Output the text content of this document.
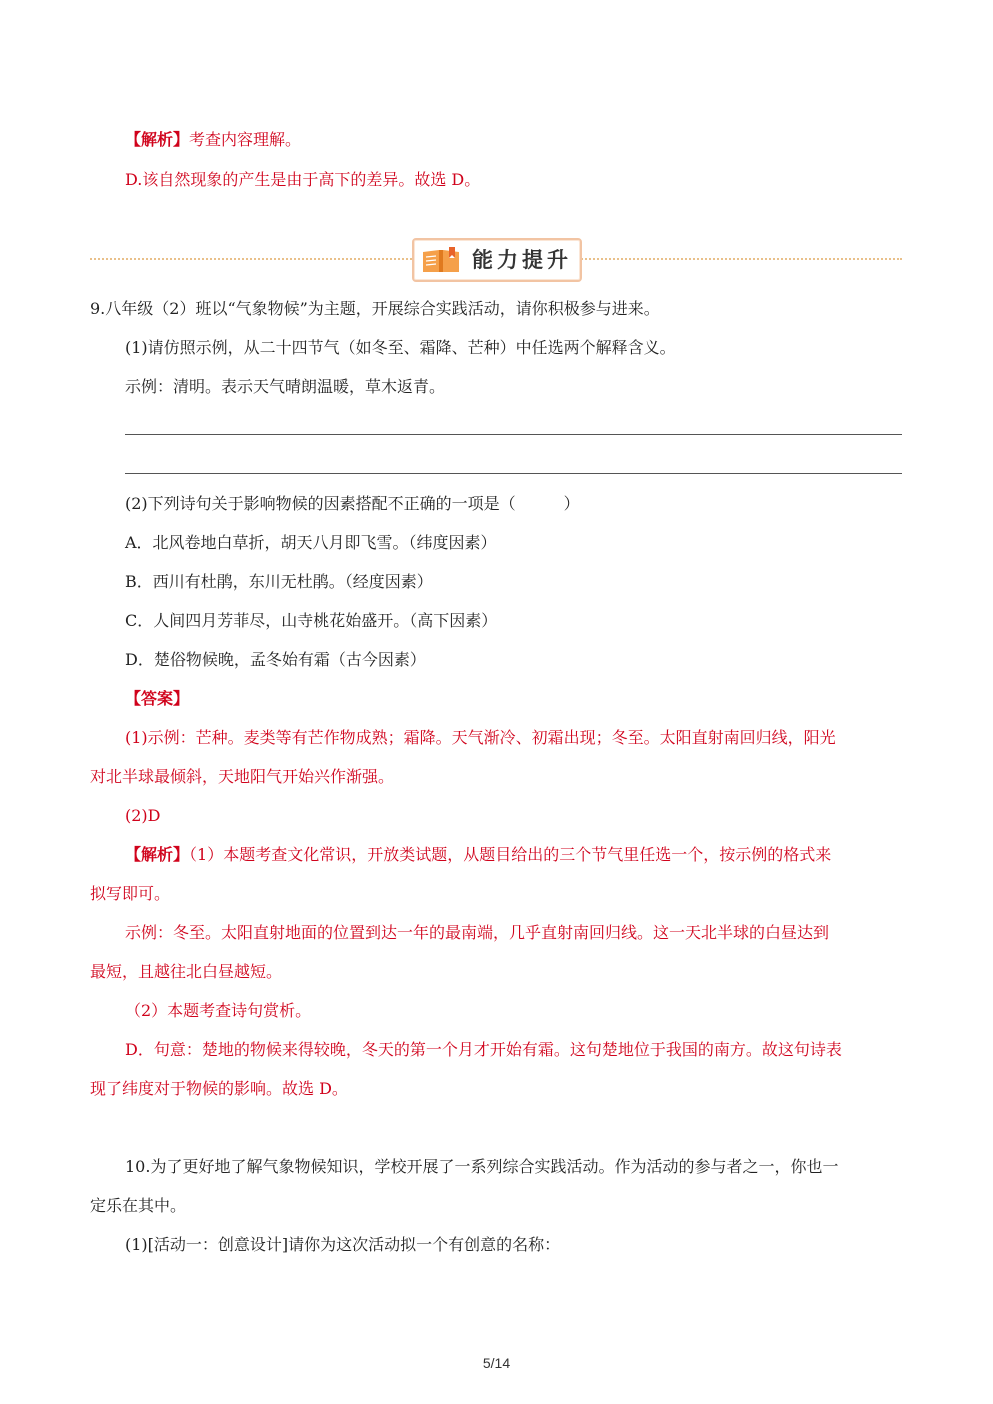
【解析】考查内容理解。
D.该自然现象的产生是由于高下的差异。故选 D。
能力提升
9.八年级（2）班以“气象物候”为主题，开展综合实践活动，请你积极参与进来。
(1)请仿照示例，从二十四节气（如冬至、霜降、芒种）中任选两个解释含义。
示例：清明。表示天气晴朗温暖，草木返青。
(2)下列诗句关于影响物候的因素搭配不正确的一项是（　　　）
A．北风卷地白草折，胡天八月即飞雪。（纬度因素）
B．西川有杜鹃，东川无杜鹃。（经度因素）
C．人间四月芳菲尽，山寺桃花始盛开。（高下因素）
D．楚俗物候晚，孟冬始有霜（古今因素）
【答案】
(1)示例：芒种。麦类等有芒作物成熟；霜降。天气渐冷、初霜出现；冬至。太阳直射南回归线，阳光
对北半球最倾斜，天地阳气开始兴作渐强。
(2)D
【解析】（1）本题考查文化常识，开放类试题，从题目给出的三个节气里任选一个，按示例的格式来
拟写即可。
示例：冬至。太阳直射地面的位置到达一年的最南端，几乎直射南回归线。这一天北半球的白昼达到
最短，且越往北白昼越短。
（2）本题考查诗句赏析。
D．句意：楚地的物候来得较晚，冬天的第一个月才开始有霜。这句楚地位于我国的南方。故这句诗表
现了纬度对于物候的影响。故选 D。
10.为了更好地了解气象物候知识，学校开展了一系列综合实践活动。作为活动的参与者之一，你也一
定乐在其中。
(1)[活动一：创意设计]请你为这次活动拟一个有创意的名称：
5/14
